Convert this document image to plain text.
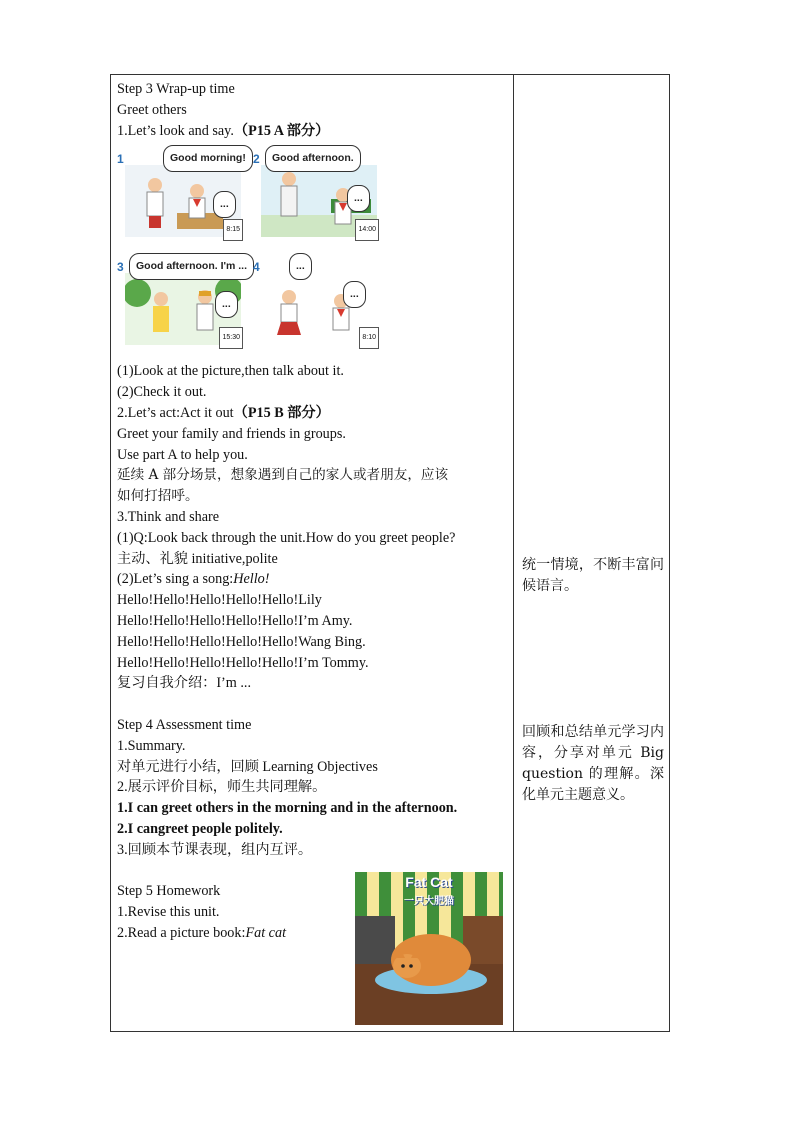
Step 3 Wrap-up time
Greet others
1.Let’s look and say.（P15 A 部分）
1	Good morning!
...
8:15
2	Good afternoon.
...
14:00
3	Good afternoon. I'm ...
...
15:30
4	...
...
8:10
(1)Look at the picture,then talk about it.
(2)Check it out.
2.Let’s act:Act it out（P15 B 部分）
Greet your family and friends in groups.
Use part A to help you.
延续 A 部分场景，想象遇到自己的家人或者朋友，应该
如何打招呼。
3.Think and share
(1)Q:Look back through the unit.How do you greet people?
主动、礼貌 initiative,polite
(2)Let’s sing a song:Hello!
Hello!Hello!Hello!Hello!Hello!Lily
Hello!Hello!Hello!Hello!Hello!I’m Amy.
Hello!Hello!Hello!Hello!Hello!Wang Bing.
Hello!Hello!Hello!Hello!Hello!I’m Tommy.
复习自我介绍：I’m ...
Step 4 Assessment time
1.Summary.
对单元进行小结，回顾 Learning Objectives
2.展示评价目标，师生共同理解。
1.I can greet others in the morning and in the afternoon.
2.I cangreet people politely.
3.回顾本节课表现，组内互评。
Step 5 Homework
1.Revise this unit.
2.Read a picture book:Fat cat
统一情境，不断丰富问候语言。
回顾和总结单元学习内容，分享对单元 Big question 的理解。深化单元主题意义。
Fat Cat
一只大肥猫
